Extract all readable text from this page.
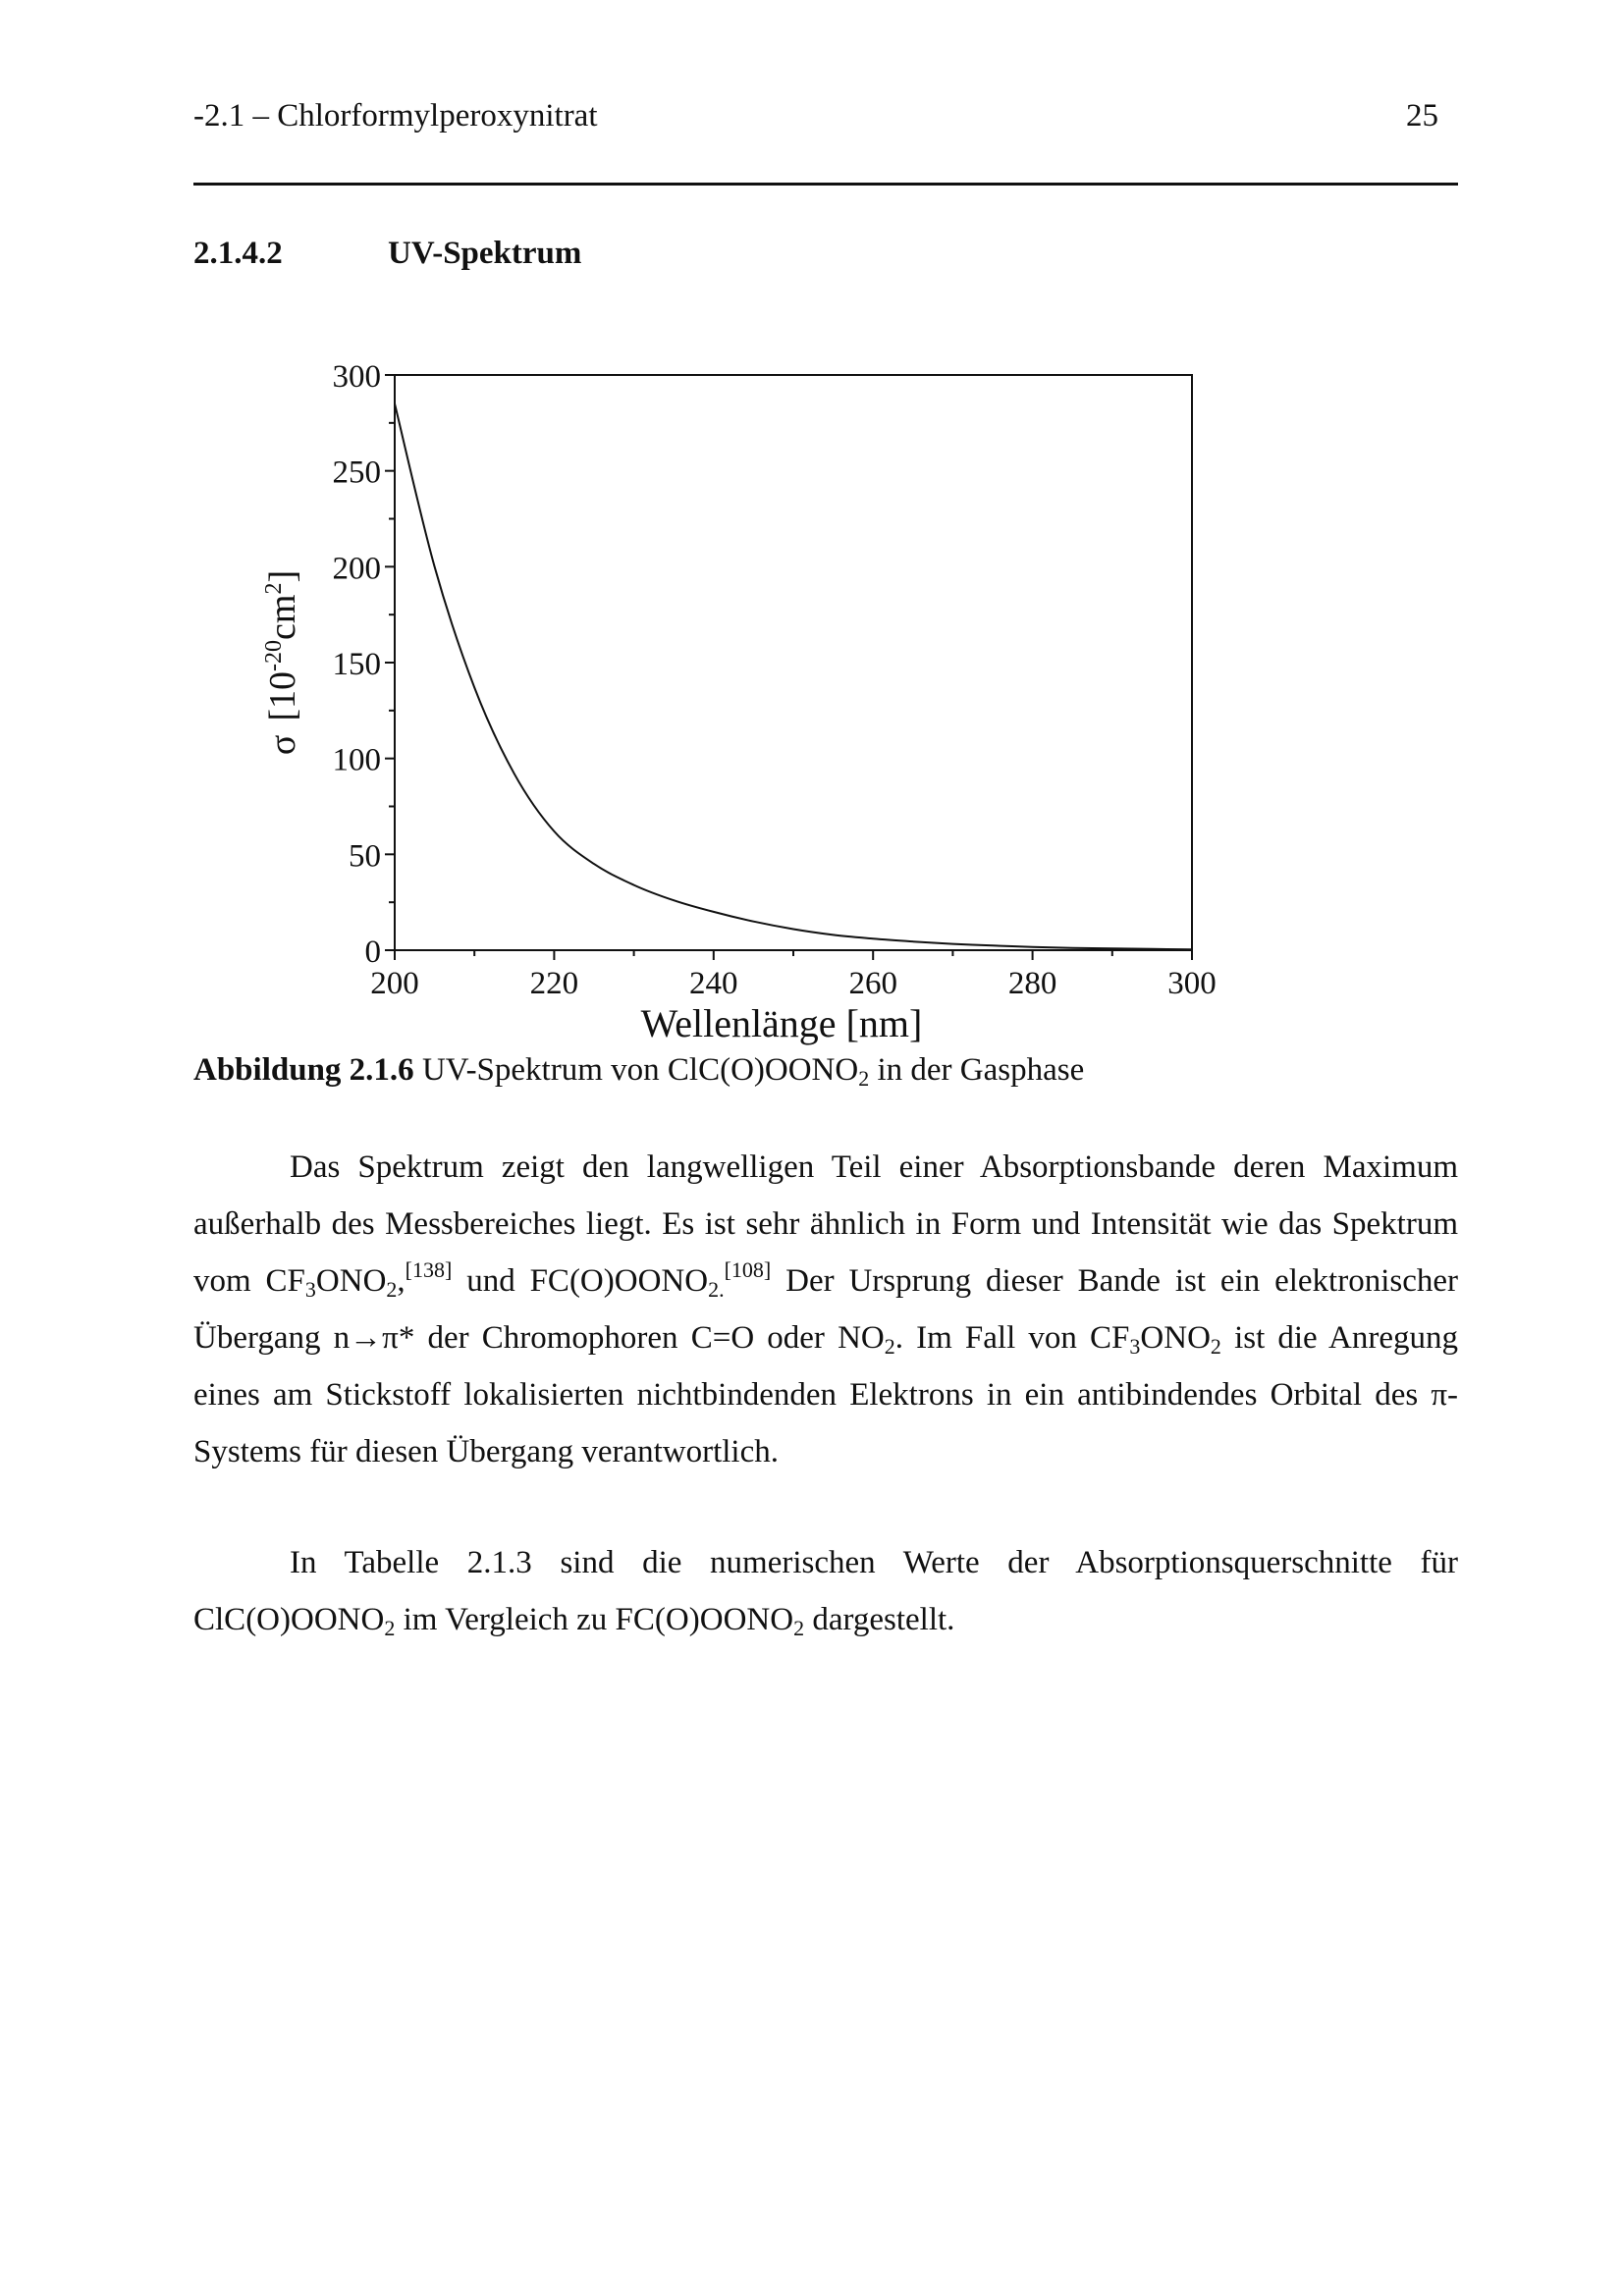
-2.1 – Chlorformylperoxynitrat	25
2.1.4.2	UV-Spektrum
0
50
100
150
200
250
300
200	220	240	260	280	300
Wellenlänge [nm]
$\sigma[10^{-20}cm^2]$
Abbildung 2.1.6 UV-Spektrum von $ClC(O)OONO_2$ in der Gasphase

Das Spektrum zeigt den langwelligen Teil einer Absorptionsbande deren Maximum außerhalb des Messbereiches liegt. Es ist sehr ähnlich in Form und Intensität wie das Spektrum vom $CF_3ONO_2,[138]$ und $FC(O)OONO_{2.}[108]$ Der Ursprung dieser Bande ist ein elektronischer Übergang n→π* der Chromophoren C=O oder $NO_2$. Im Fall von $CF_3ONO_2$ ist die Anregung eines am Stickstoff lokalisierten nichtbindenden Elektrons in ein antibindendes Orbital des π-Systems für diesen Übergang verantwortlich.

In Tabelle 2.1.3 sind die numerischen Werte der Absorptionsquerschnitte für $ClC(O)OONO_2$ im Vergleich zu $FC(O)OONO_2$ dargestellt.
